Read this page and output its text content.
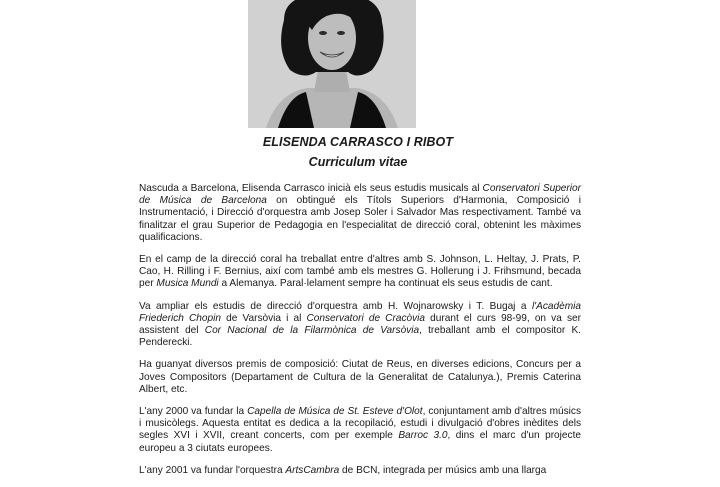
ELISENDA CARRASCO I RIBOT
Curriculum vitae

Nascuda a Barcelona, Elisenda Carrasco inicià els seus estudis musicals al Conservatori Superior de Música de Barcelona on obtingué els Títols Superiors d'Harmonia, Composició i Instrumentació, i Direcció d'orquestra amb Josep Soler i Salvador Mas respectivament. També va finalitzar el grau Superior de Pedagogia en l'especialitat de direcció coral, obtenint les màximes qualificacions.

En el camp de la direcció coral ha treballat entre d'altres amb S. Johnson, L. Heltay, J. Prats, P. Cao, H. Rilling i F. Bernius, així com també amb els mestres G. Hollerung i J. Frihsmund, becada per Musica Mundi a Alemanya. Paral·lelament sempre ha continuat els seus estudis de cant.

Va ampliar els estudis de direcció d'orquestra amb H. Wojnarowsky i T. Bugaj a l'Acadèmia Friederich Chopin de Varsòvia i al Conservatori de Cracòvia durant el curs 98-99, on va ser assistent del Cor Nacional de la Filarmònica de Varsòvia, treballant amb el compositor K. Penderecki.

Ha guanyat diversos premis de composició: Ciutat de Reus, en diverses edicions, Concurs per a Joves Compositors (Departament de Cultura de la Generalitat de Catalunya.), Premis Caterina Albert, etc.

L'any 2000 va fundar la Capella de Música de St. Esteve d'Olot, conjuntament amb d'altres músics i musicòlegs. Aquesta entitat es dedica a la recopilació, estudi i divulgació d'obres inèdites dels segles XVI i XVII, creant concerts, com per exemple Barroc 3.0, dins el marc d'un projecte europeu a 3 ciutats europees.

L'any 2001 va fundar l'orquestra ArtsCambra de BCN, integrada per músics amb una llarga
